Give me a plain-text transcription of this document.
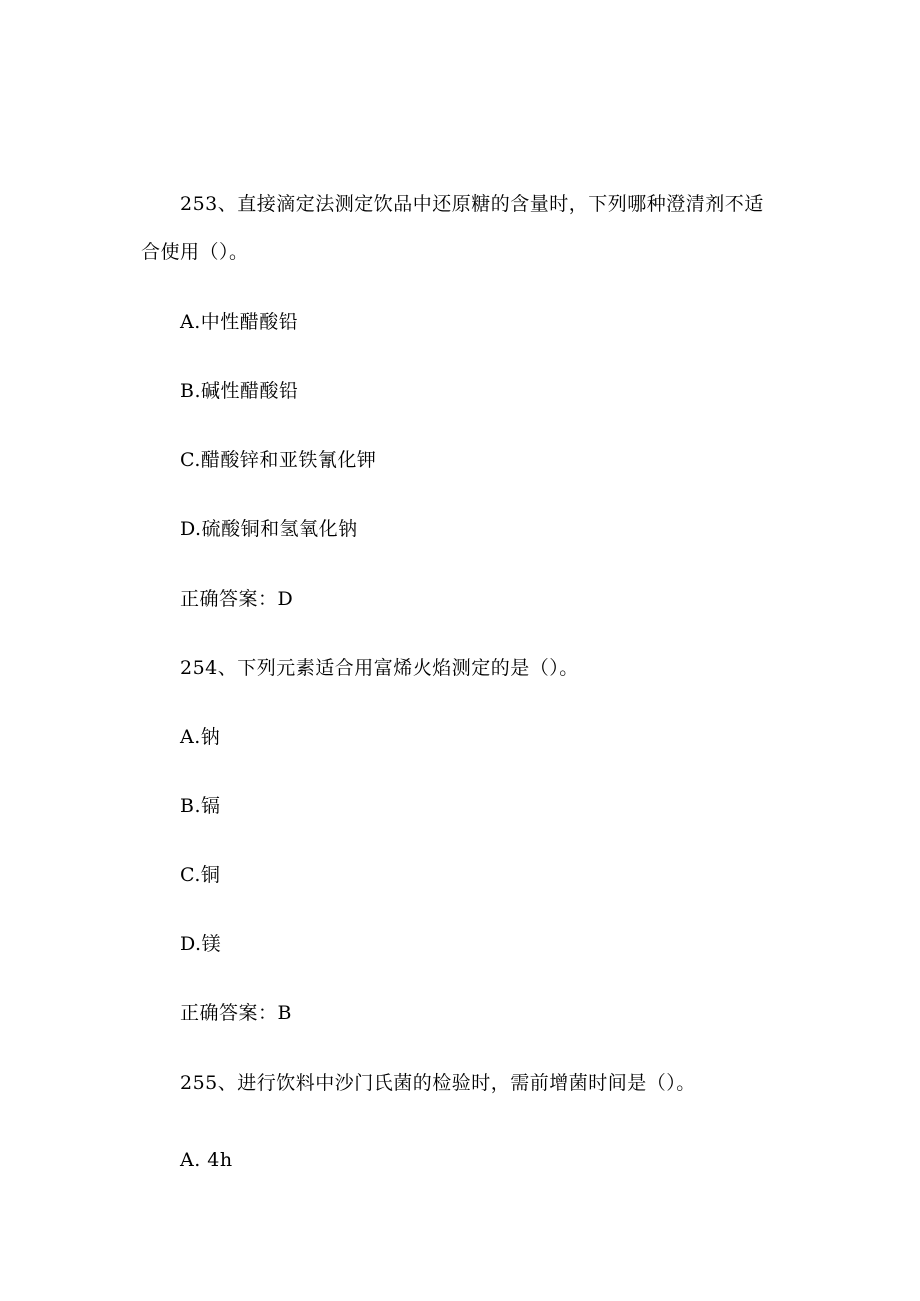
253、直接滴定法测定饮品中还原糖的含量时，下列哪种澄清剂不适
合使用（）。
A.中性醋酸铅
B.碱性醋酸铅
C.醋酸锌和亚铁氰化钾
D.硫酸铜和氢氧化钠
正确答案：D
254、下列元素适合用富烯火焰测定的是（）。
A.钠
B.镉
C.铜
D.镁
正确答案：B
255、进行饮料中沙门氏菌的检验时，需前增菌时间是（）。
A. 4h
